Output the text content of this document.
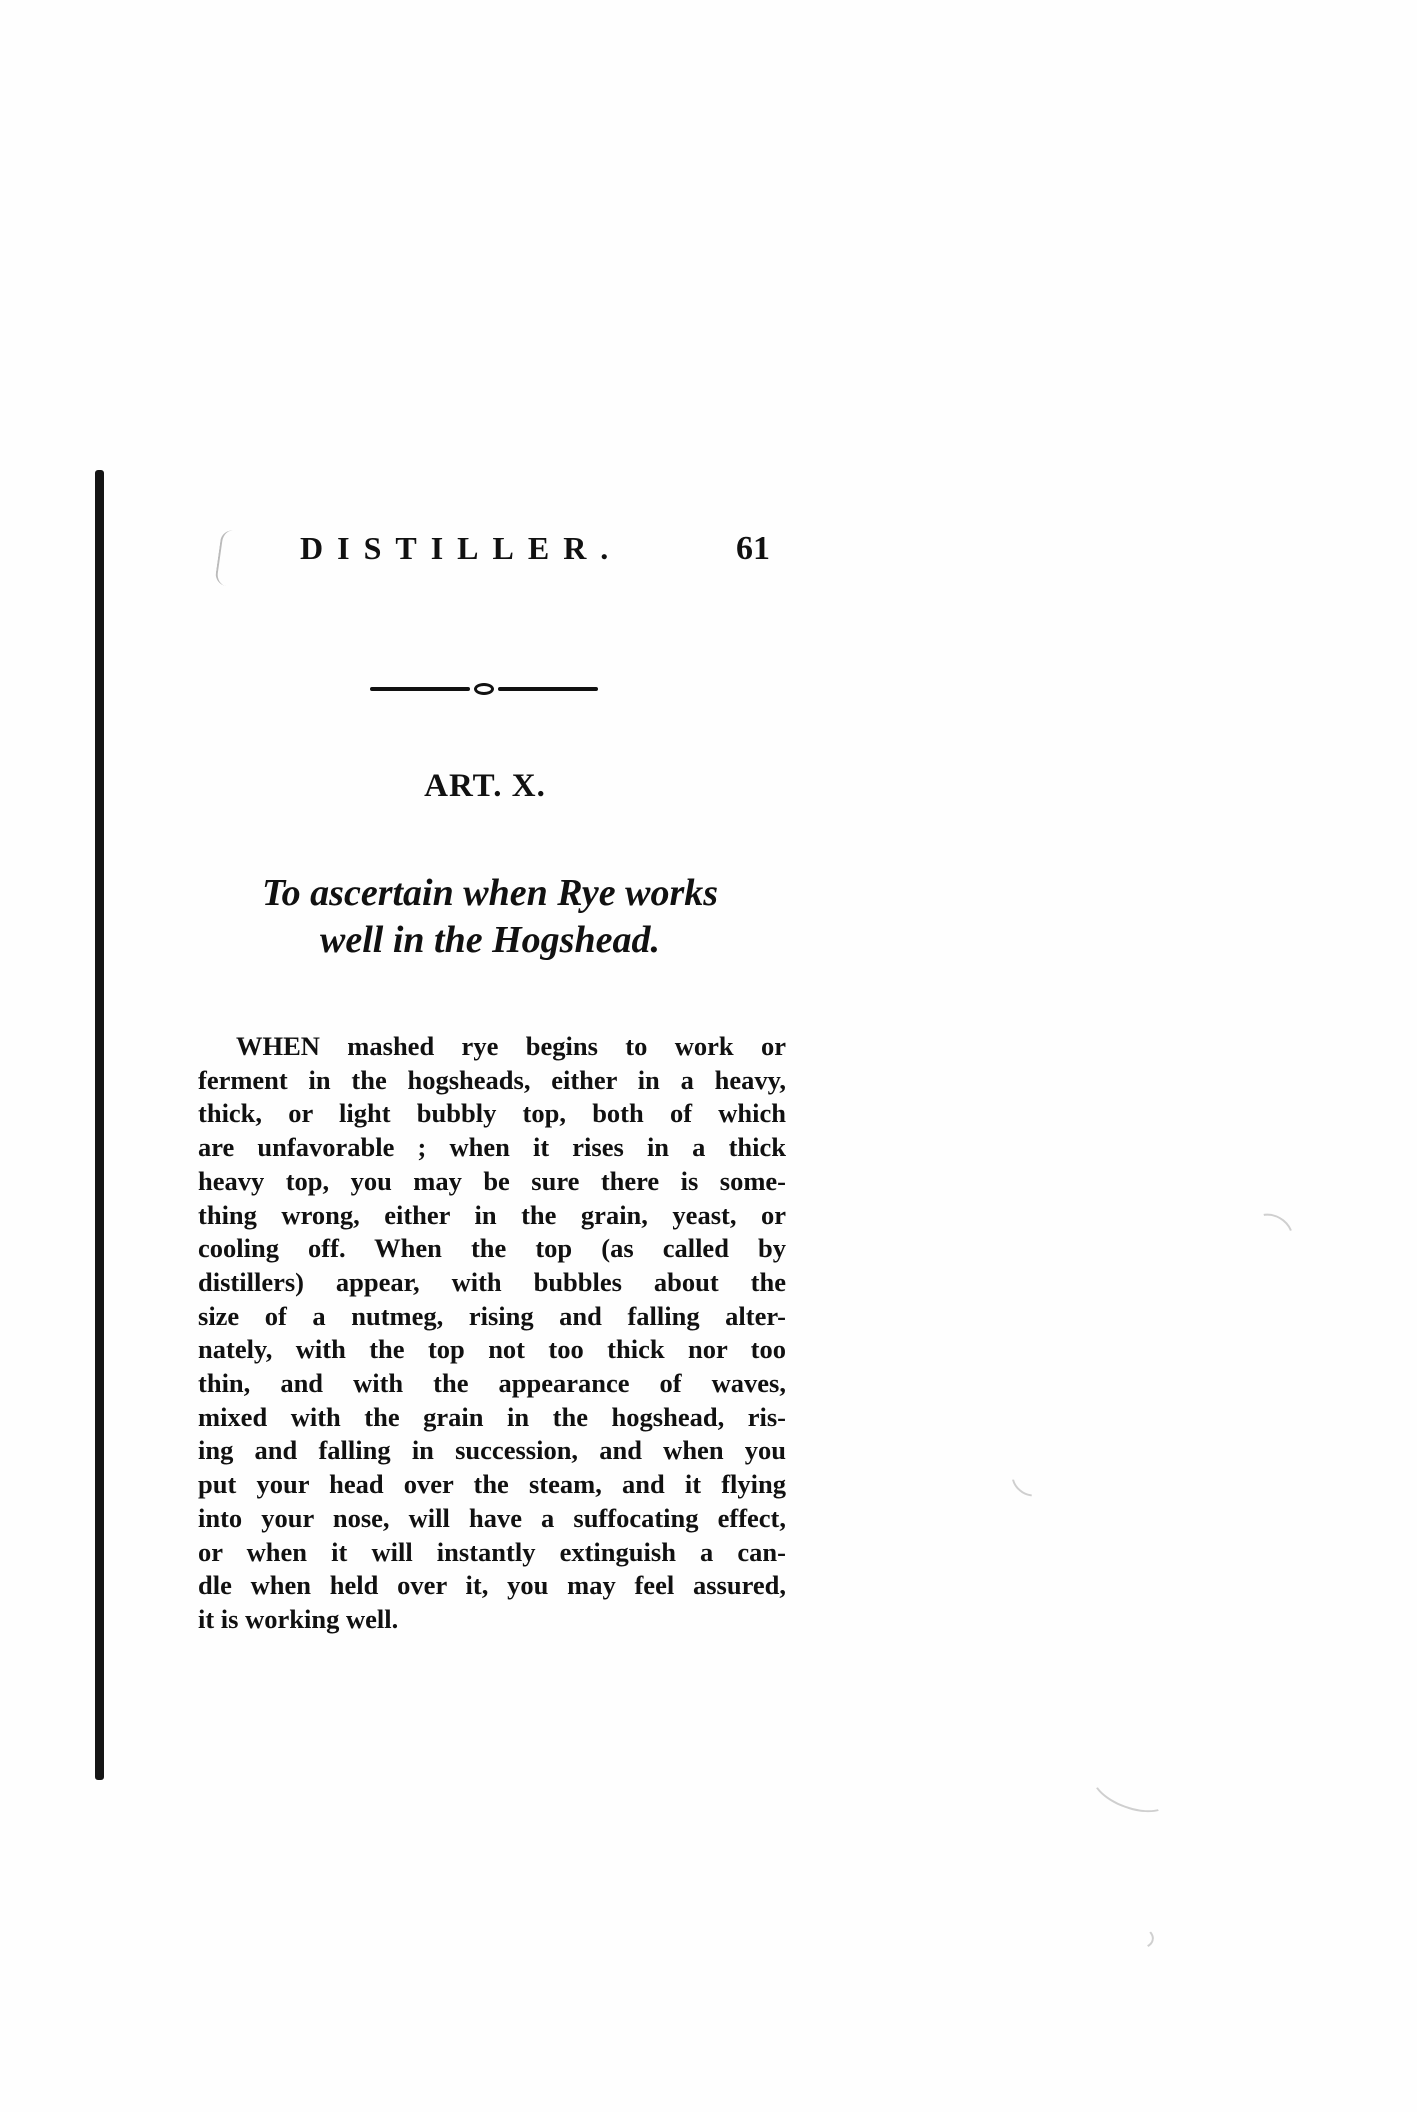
DISTILLER.	61
ART. X.
To ascertain when Rye works
well in the Hogshead.
WHEN mashed rye begins to work or
ferment in the hogsheads, either in a heavy,
thick, or light bubbly top, both of which
are unfavorable ; when it rises in a thick
heavy top, you may be sure there is some-
thing wrong, either in the grain, yeast, or
cooling off. When the top (as called by
distillers) appear, with bubbles about the
size of a nutmeg, rising and falling alter-
nately, with the top not too thick nor too
thin, and with the appearance of waves,
mixed with the grain in the hogshead, ris-
ing and falling in succession, and when you
put your head over the steam, and it flying
into your nose, will have a suffocating effect,
or when it will instantly extinguish a can-
dle when held over it, you may feel assured,
it is working well.
